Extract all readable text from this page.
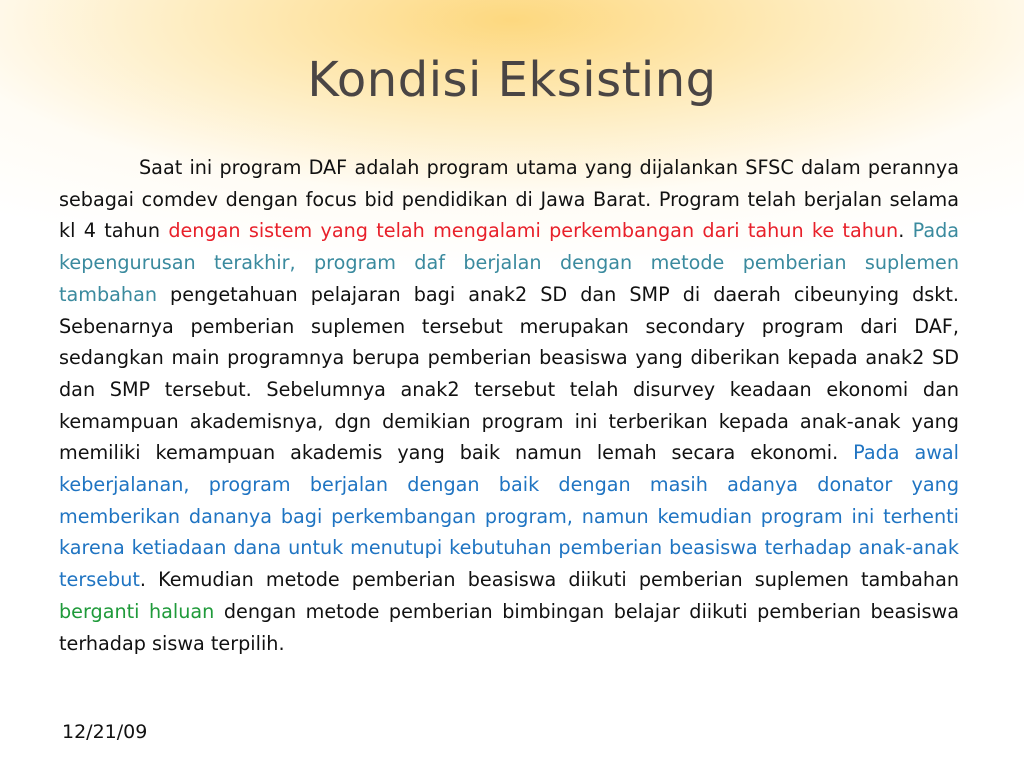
Kondisi Eksisting
Saat ini program DAF adalah program utama yang dijalankan SFSC dalam perannya sebagai comdev dengan focus bid pendidikan di Jawa Barat. Program telah berjalan selama kl 4 tahun dengan sistem yang telah mengalami perkembangan dari tahun ke tahun. Pada kepengurusan terakhir, program daf berjalan dengan metode pemberian suplemen tambahan pengetahuan pelajaran bagi anak2 SD dan SMP di daerah cibeunying dskt. Sebenarnya pemberian suplemen tersebut merupakan secondary program dari DAF, sedangkan main programnya berupa pemberian beasiswa yang diberikan kepada anak2 SD dan SMP tersebut. Sebelumnya anak2 tersebut telah disurvey keadaan ekonomi dan kemampuan akademisnya, dgn demikian program ini terberikan kepada anak-anak yang memiliki kemampuan akademis yang baik namun lemah secara ekonomi. Pada awal keberjalanan, program berjalan dengan baik dengan masih adanya donator yang memberikan dananya bagi perkembangan program, namun kemudian program ini terhenti karena ketiadaan dana untuk menutupi kebutuhan pemberian beasiswa terhadap anak-anak tersebut. Kemudian metode pemberian beasiswa diikuti pemberian suplemen tambahan berganti haluan dengan metode pemberian bimbingan belajar diikuti pemberian beasiswa terhadap siswa terpilih.
12/21/09
